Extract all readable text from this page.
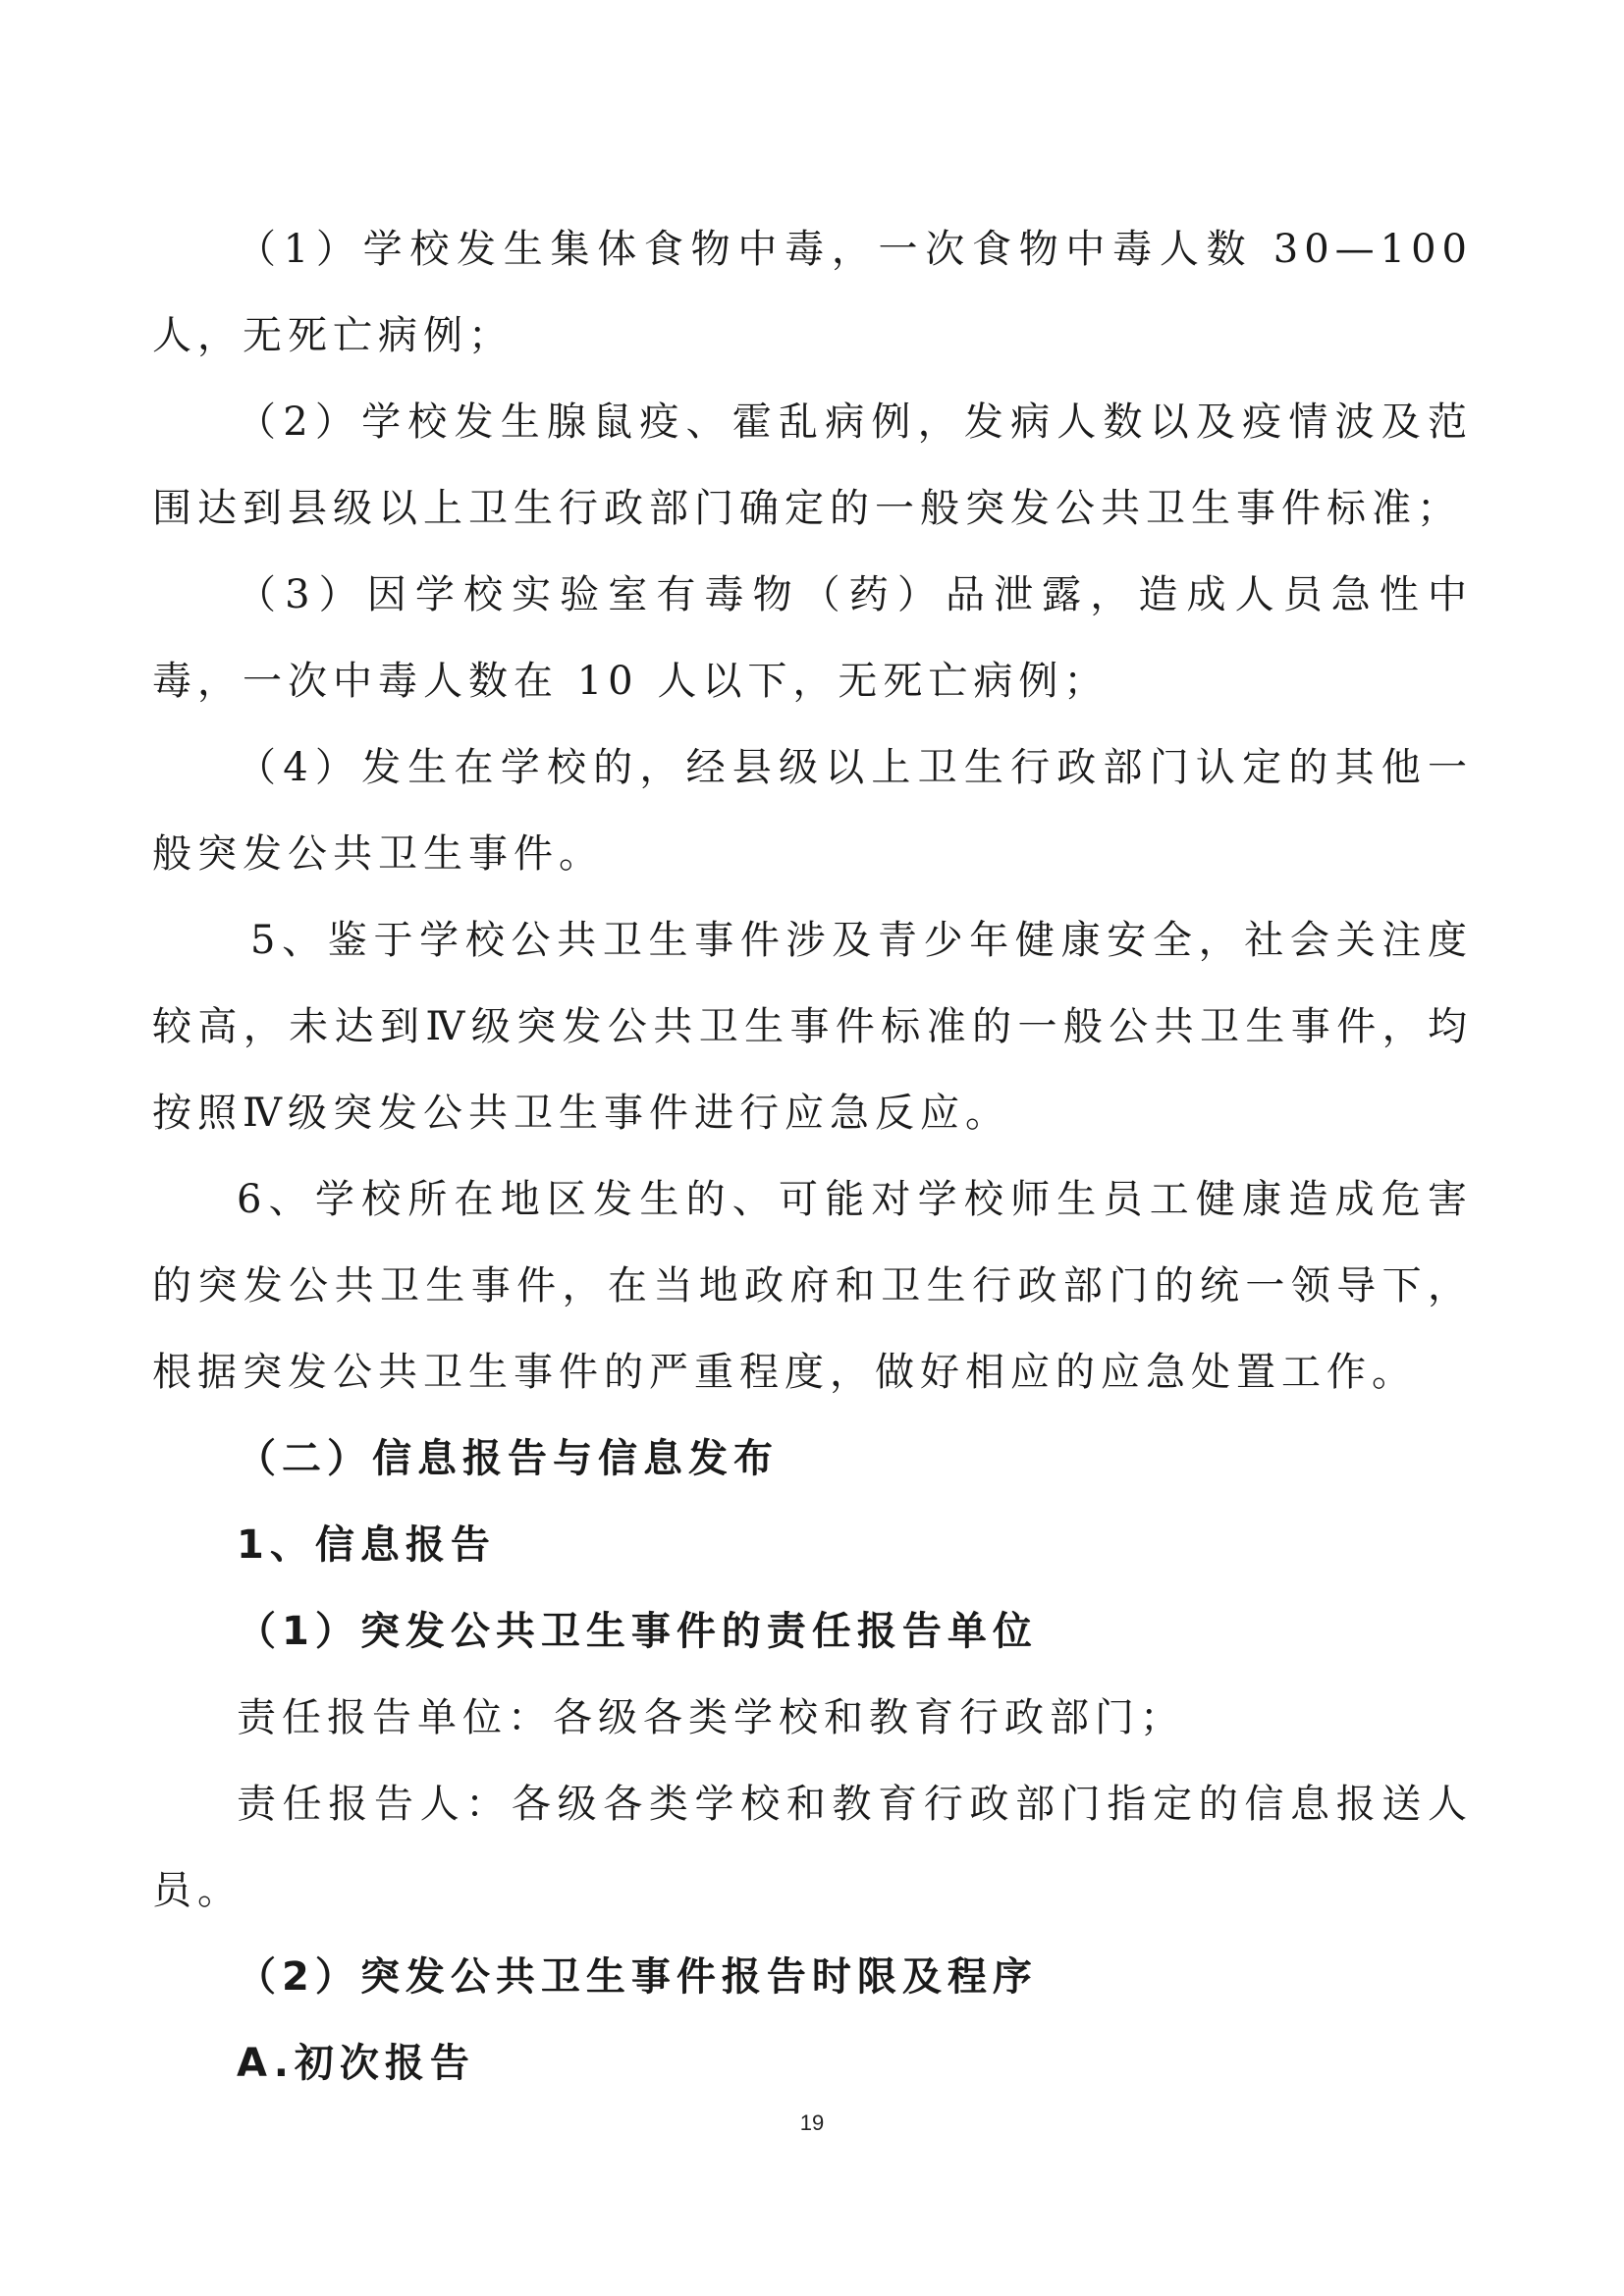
（1）学校发生集体食物中毒，一次食物中毒人数 30—100 人，无死亡病例；

（2）学校发生腺鼠疫、霍乱病例，发病人数以及疫情波及范围达到县级以上卫生行政部门确定的一般突发公共卫生事件标准；

（3）因学校实验室有毒物（药）品泄露，造成人员急性中毒，一次中毒人数在 10 人以下，无死亡病例；

（4）发生在学校的，经县级以上卫生行政部门认定的其他一般突发公共卫生事件。

5、鉴于学校公共卫生事件涉及青少年健康安全，社会关注度较高，未达到Ⅳ级突发公共卫生事件标准的一般公共卫生事件，均按照Ⅳ级突发公共卫生事件进行应急反应。

6、学校所在地区发生的、可能对学校师生员工健康造成危害的突发公共卫生事件，在当地政府和卫生行政部门的统一领导下，根据突发公共卫生事件的严重程度，做好相应的应急处置工作。

（二）信息报告与信息发布

1、信息报告

（1）突发公共卫生事件的责任报告单位

责任报告单位：各级各类学校和教育行政部门；

责任报告人：各级各类学校和教育行政部门指定的信息报送人员。

（2）突发公共卫生事件报告时限及程序

A.初次报告

19
